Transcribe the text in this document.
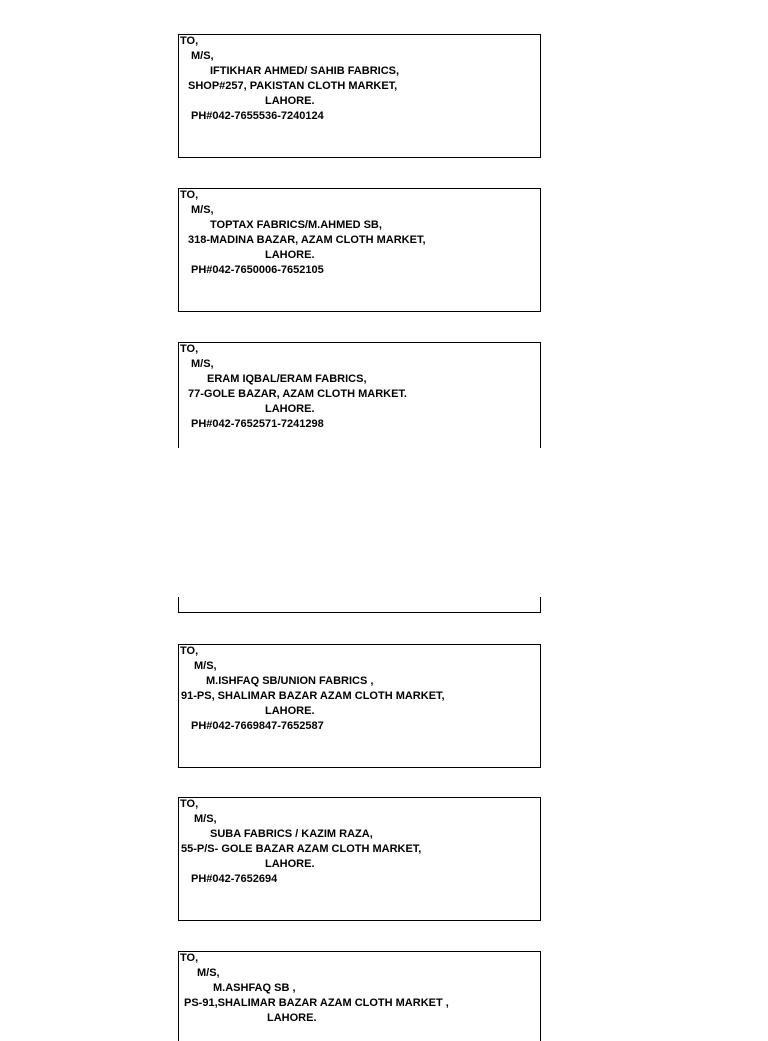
TO,
M/S,
IFTIKHAR AHMED/ SAHIB FABRICS,
SHOP#257, PAKISTAN CLOTH MARKET,
LAHORE.
PH#042-7655536-7240124
TO,
M/S,
TOPTAX FABRICS/M.AHMED SB,
318-MADINA BAZAR, AZAM CLOTH MARKET,
LAHORE.
PH#042-7650006-7652105
TO,
M/S,
ERAM IQBAL/ERAM FABRICS,
77-GOLE BAZAR, AZAM CLOTH MARKET.
LAHORE.
PH#042-7652571-7241298
TO,
M/S,
M.ISHFAQ SB/UNION FABRICS ,
91-PS, SHALIMAR BAZAR AZAM CLOTH MARKET,
LAHORE.
PH#042-7669847-7652587
TO,
M/S,
SUBA FABRICS / KAZIM RAZA,
55-P/S- GOLE BAZAR AZAM CLOTH MARKET,
LAHORE.
PH#042-7652694
TO,
M/S,
M.ASHFAQ SB ,
PS-91,SHALIMAR BAZAR AZAM CLOTH MARKET ,
LAHORE.
